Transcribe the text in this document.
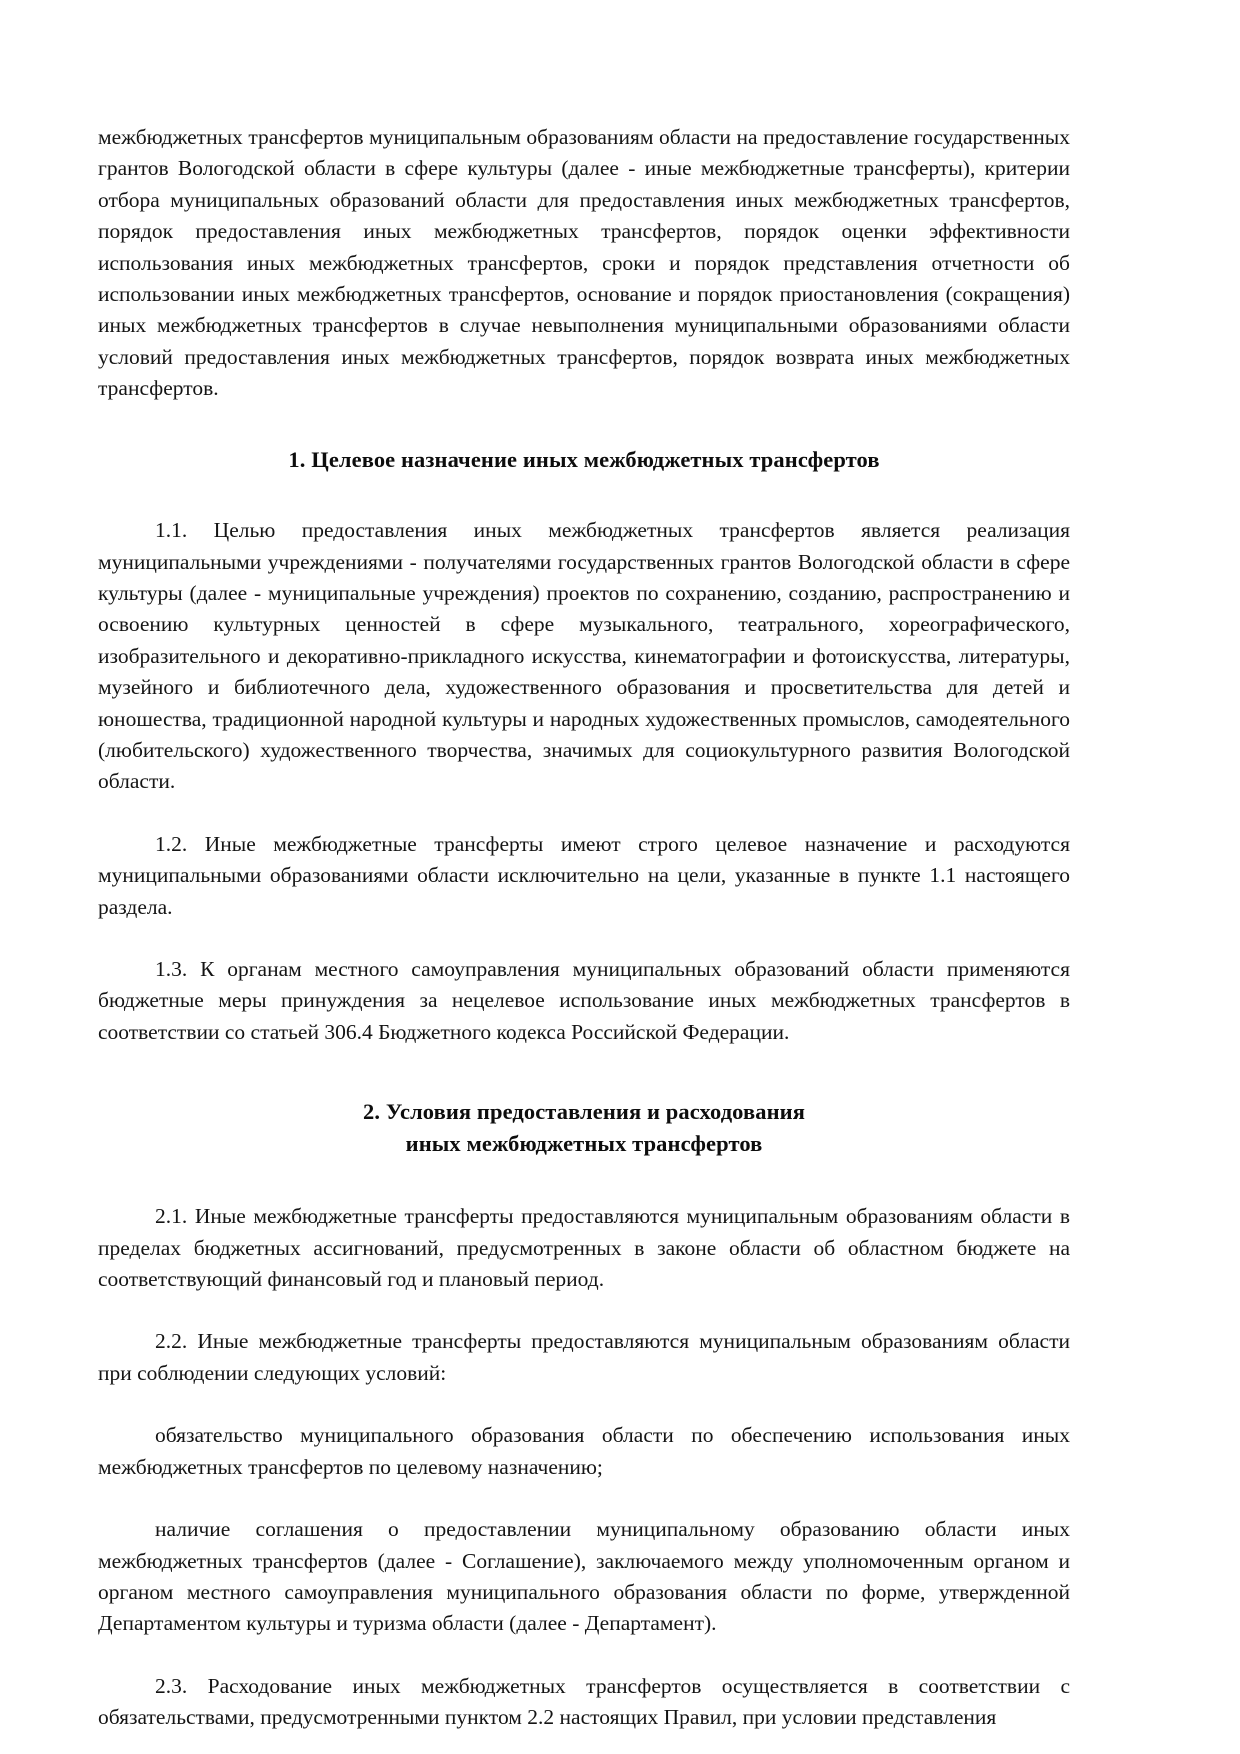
межбюджетных трансфертов муниципальным образованиям области на предоставление государственных грантов Вологодской области в сфере культуры (далее - иные межбюджетные трансферты), критерии отбора муниципальных образований области для предоставления иных межбюджетных трансфертов, порядок предоставления иных межбюджетных трансфертов, порядок оценки эффективности использования иных межбюджетных трансфертов, сроки и порядок представления отчетности об использовании иных межбюджетных трансфертов, основание и порядок приостановления (сокращения) иных межбюджетных трансфертов в случае невыполнения муниципальными образованиями области условий предоставления иных межбюджетных трансфертов, порядок возврата иных межбюджетных трансфертов.

1. Целевое назначение иных межбюджетных трансфертов

1.1. Целью предоставления иных межбюджетных трансфертов является реализация муниципальными учреждениями - получателями государственных грантов Вологодской области в сфере культуры (далее - муниципальные учреждения) проектов по сохранению, созданию, распространению и освоению культурных ценностей в сфере музыкального, театрального, хореографического, изобразительного и декоративно-прикладного искусства, кинематографии и фотоискусства, литературы, музейного и библиотечного дела, художественного образования и просветительства для детей и юношества, традиционной народной культуры и народных художественных промыслов, самодеятельного (любительского) художественного творчества, значимых для социокультурного развития Вологодской области.

1.2. Иные межбюджетные трансферты имеют строго целевое назначение и расходуются муниципальными образованиями области исключительно на цели, указанные в пункте 1.1 настоящего раздела.

1.3. К органам местного самоуправления муниципальных образований области применяются бюджетные меры принуждения за нецелевое использование иных межбюджетных трансфертов в соответствии со статьей 306.4 Бюджетного кодекса Российской Федерации.

2. Условия предоставления и расходования
иных межбюджетных трансфертов

2.1. Иные межбюджетные трансферты предоставляются муниципальным образованиям области в пределах бюджетных ассигнований, предусмотренных в законе области об областном бюджете на соответствующий финансовый год и плановый период.

2.2. Иные межбюджетные трансферты предоставляются муниципальным образованиям области при соблюдении следующих условий:

обязательство муниципального образования области по обеспечению использования иных межбюджетных трансфертов по целевому назначению;

наличие соглашения о предоставлении муниципальному образованию области иных межбюджетных трансфертов (далее - Соглашение), заключаемого между уполномоченным органом и органом местного самоуправления муниципального образования области по форме, утвержденной Департаментом культуры и туризма области (далее - Департамент).

2.3. Расходование иных межбюджетных трансфертов осуществляется в соответствии с обязательствами, предусмотренными пунктом 2.2 настоящих Правил, при условии представления
